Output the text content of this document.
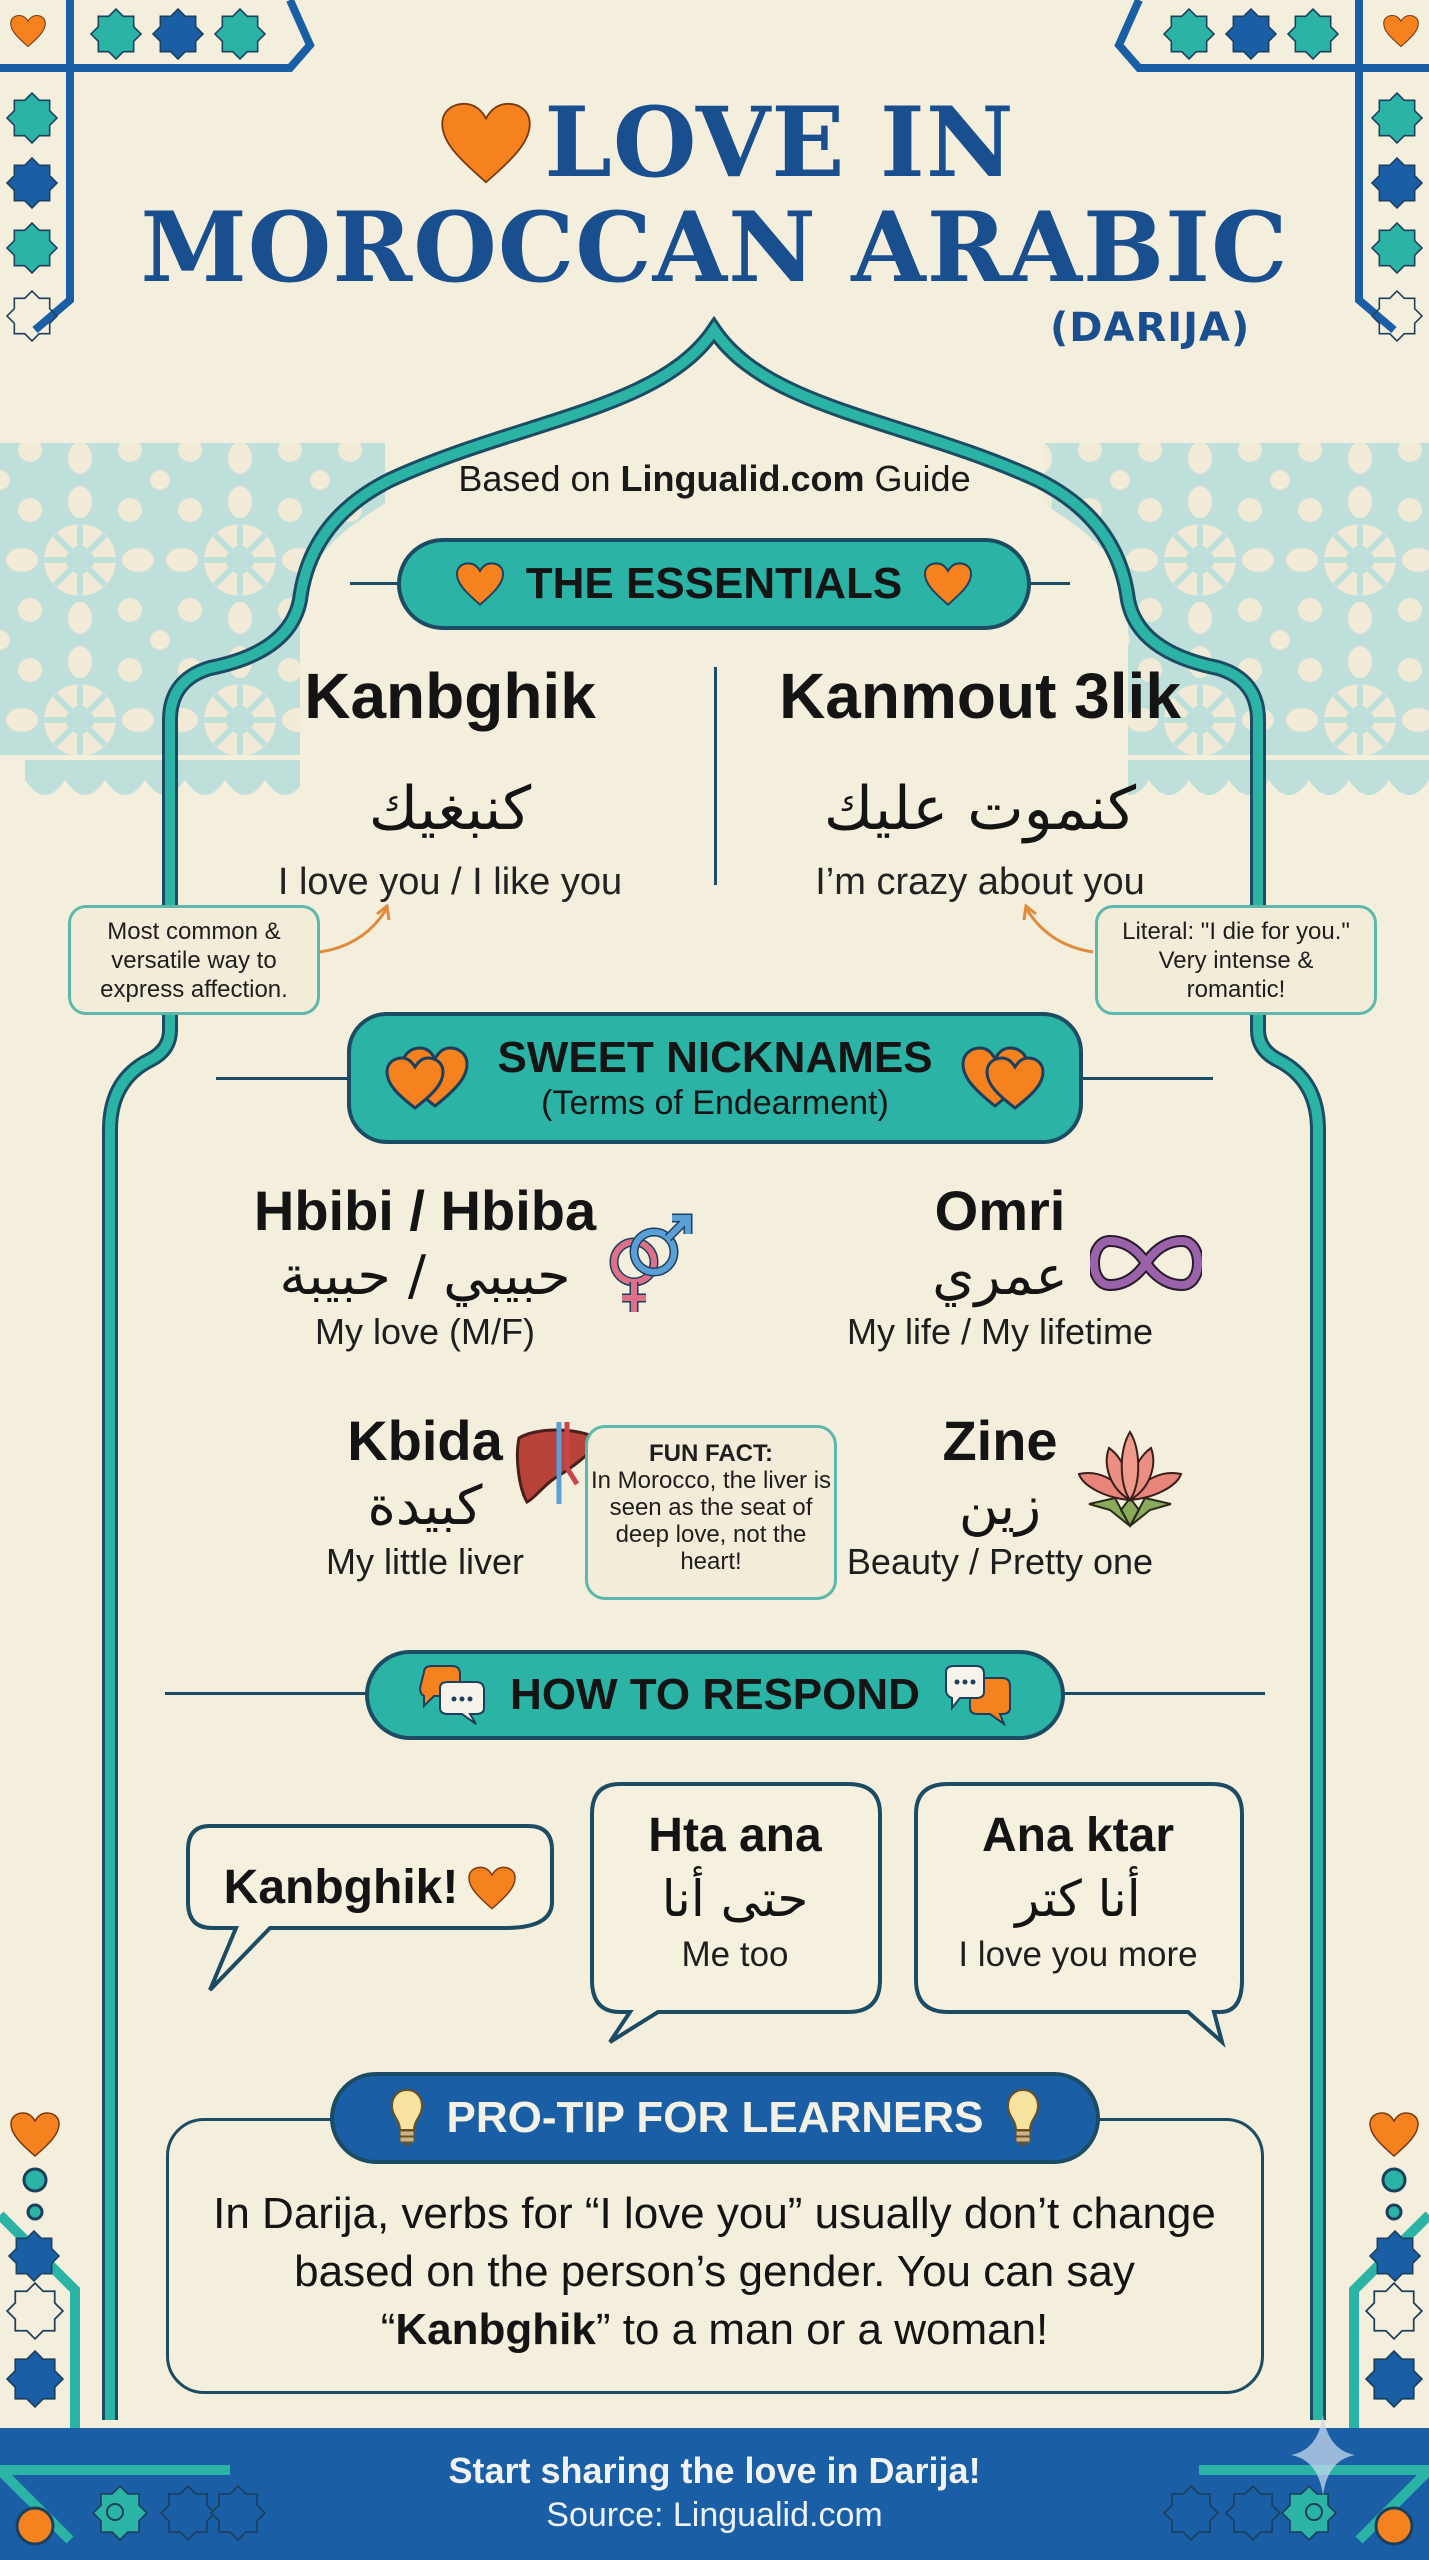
LOVE IN
MOROCCAN ARABIC
(DARIJA)
Based on Lingualid.com Guide
THE ESSENTIALS
Kanbghik
كنبغيك
I love you / I like you
Kanmout 3lik
كنموت عليك
I’m crazy about you
Most common & versatile way to express affection.
Literal: "I die for you." Very intense & romantic!
SWEET NICKNAMES
(Terms of Endearment)
Hbibi / Hbiba
حبيبي / حبيبة
My love (M/F)
Omri
عمري
My life / My lifetime
Kbida
كبيدة
My little liver
FUN FACT:
In Morocco, the liver is seen as the seat of deep love, not the heart!
Zine
زين
Beauty / Pretty one
HOW TO RESPOND
Kanbghik!
Hta ana
حتى أنا
Me too
Ana ktar
أنا كتر
I love you more
PRO-TIP FOR LEARNERS
In Darija, verbs for “I love you” usually don’t change based on the person’s gender. You can say “Kanbghik” to a man or a woman!
Start sharing the love in Darija!
Source: Lingualid.com
